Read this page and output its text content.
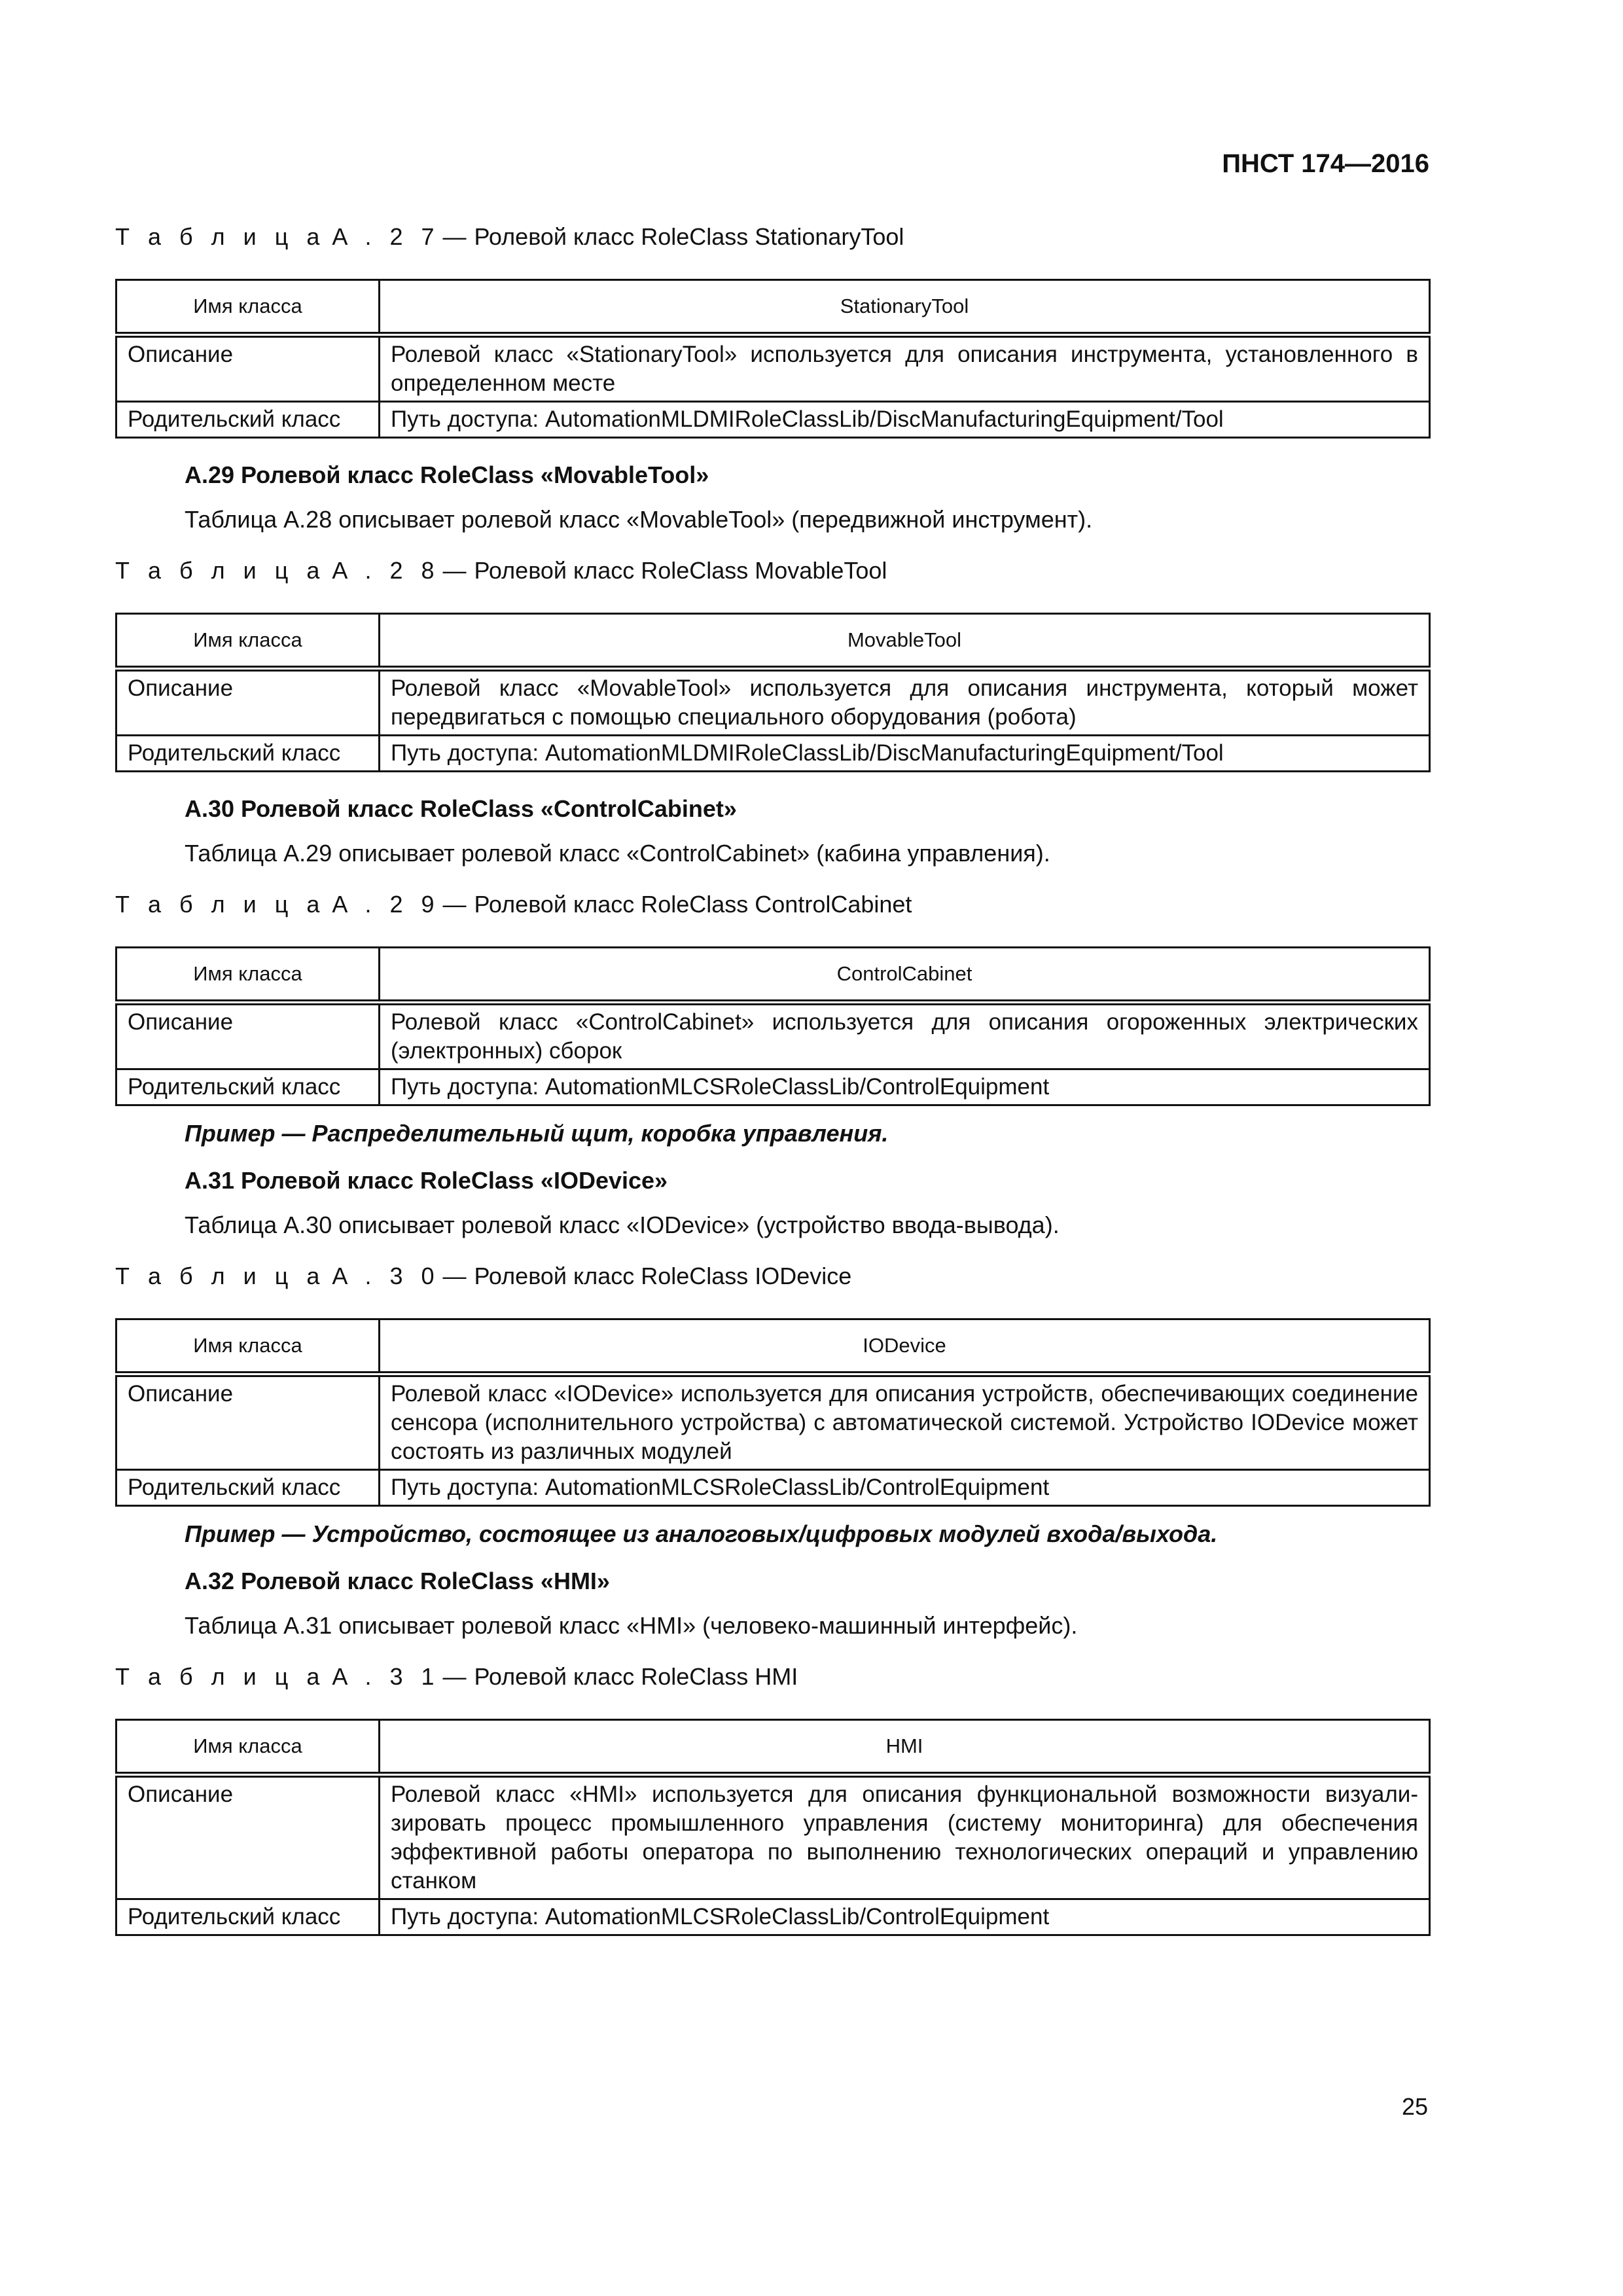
ПНСТ 174—2016
Т а б л и ц а A . 2 7 — Ролевой класс RoleClass StationaryTool
Имя класса	StationaryTool
Описание	Ролевой класс «StationaryTool» используется для описания инструмента, установленного в определенном месте
Родительский класс	Путь доступа: AutomationMLDMIRoleClassLib/DiscManufacturingEquipment/Tool
А.29 Ролевой класс RoleClass «MovableTool»
Таблица А.28 описывает ролевой класс «MovableTool» (передвижной инструмент).
Т а б л и ц а A . 2 8 — Ролевой класс RoleClass MovableTool
Имя класса	MovableTool
Описание	Ролевой класс «MovableTool» используется для описания инструмента, который может передвигаться с помощью специального оборудования (робота)
Родительский класс	Путь доступа: AutomationMLDMIRoleClassLib/DiscManufacturingEquipment/Tool
А.30 Ролевой класс RoleClass «ControlCabinet»
Таблица А.29 описывает ролевой класс «ControlCabinet» (кабина управления).
Т а б л и ц а A . 2 9 — Ролевой класс RoleClass ControlCabinet
Имя класса	ControlCabinet
Описание	Ролевой класс «ControlCabinet» используется для описания огороженных электрических (электронных) сборок
Родительский класс	Путь доступа: AutomationMLCSRoleClassLib/ControlEquipment
Пример — Распределительный щит, коробка управления.
А.31 Ролевой класс RoleClass «IODevice»
Таблица А.30 описывает ролевой класс «IODevice» (устройство ввода-вывода).
Т а б л и ц а A . 3 0 — Ролевой класс RoleClass IODevice
Имя класса	IODevice
Описание	Ролевой класс «IODevice» используется для описания устройств, обеспечивающих соединение сенсора (исполнительного устройства) с автоматической системой. Устройство IODevice может состоять из различных модулей
Родительский класс	Путь доступа: AutomationMLCSRoleClassLib/ControlEquipment
Пример — Устройство, состоящее из аналоговых/цифровых модулей входа/выхода.
А.32 Ролевой класс RoleClass «HMI»
Таблица А.31 описывает ролевой класс «HMI» (человеко-машинный интерфейс).
Т а б л и ц а A . 3 1 — Ролевой класс RoleClass HMI
Имя класса	HMI
Описание	Ролевой класс «HMI» используется для описания функциональной возможности визуализировать процесс промышленного управления (систему мониторинга) для обеспечения эффективной работы оператора по выполнению технологических операций и управлению станком
Родительский класс	Путь доступа: AutomationMLCSRoleClassLib/ControlEquipment
25
